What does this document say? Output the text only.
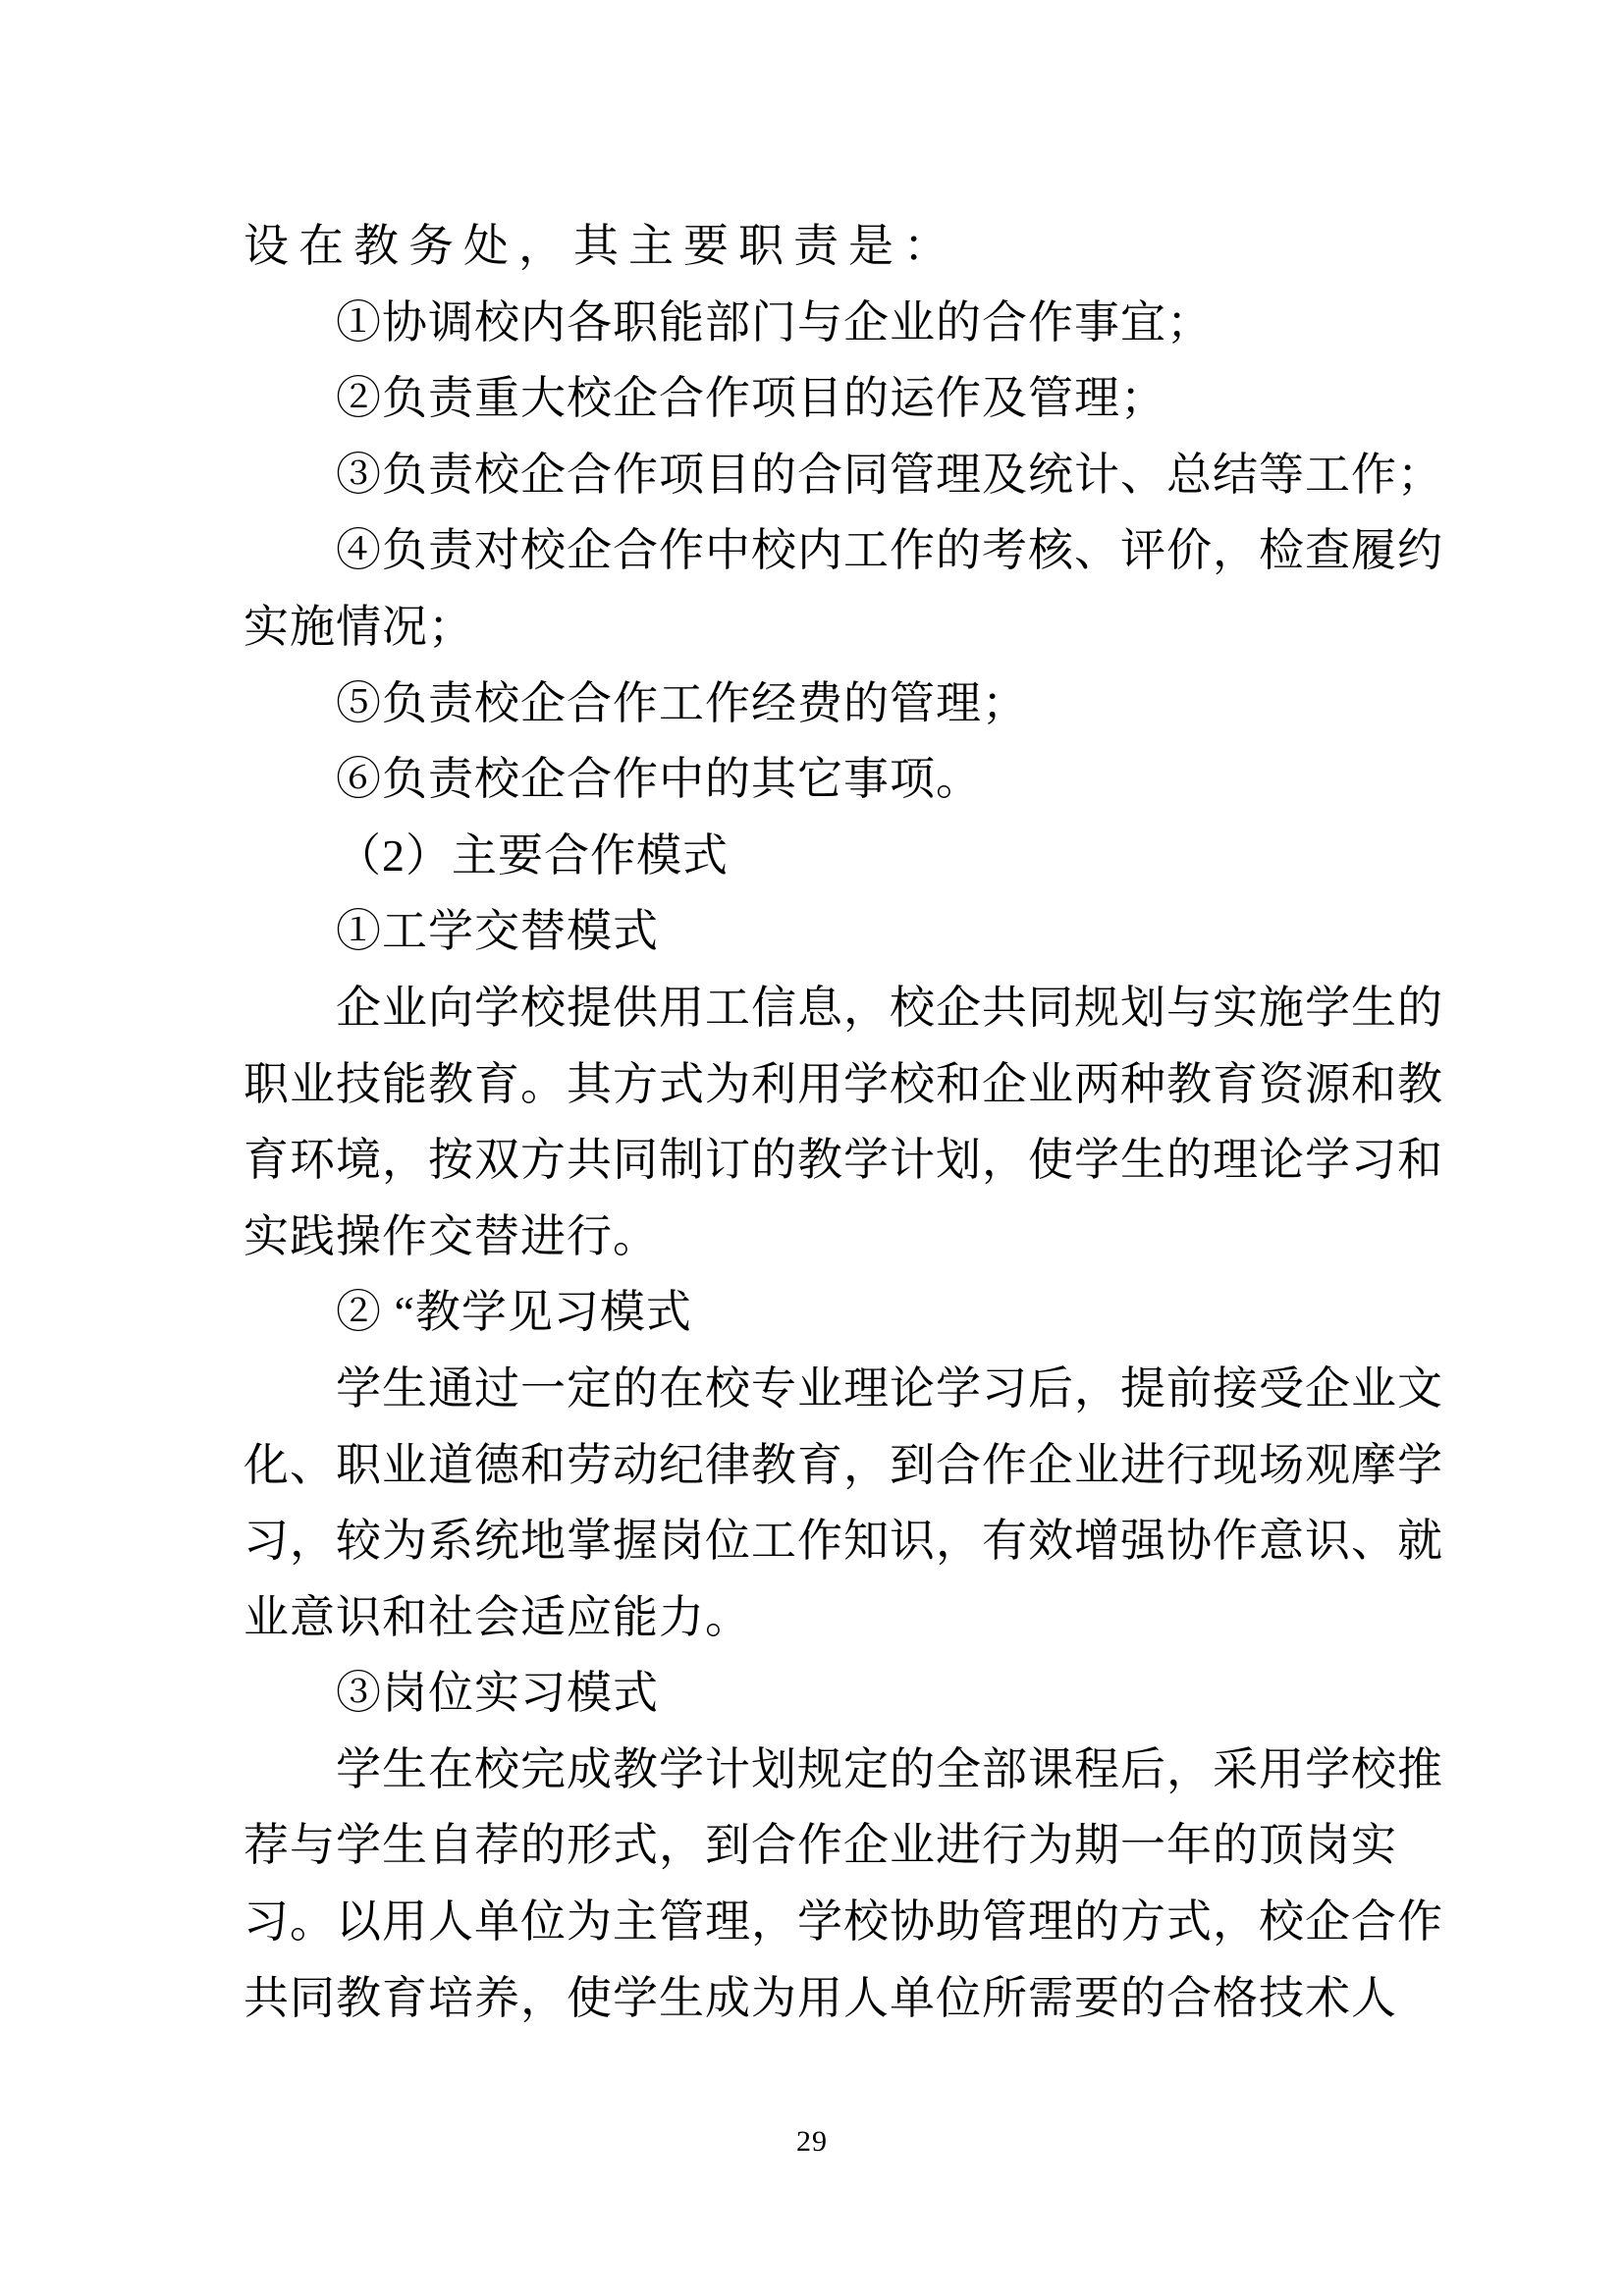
设在教务处，其主要职责是：
①协调校内各职能部门与企业的合作事宜；
②负责重大校企合作项目的运作及管理；
③负责校企合作项目的合同管理及统计、总结等工作；
④负责对校企合作中校内工作的考核、评价，检查履约
实施情况；
⑤负责校企合作工作经费的管理；
⑥负责校企合作中的其它事项。
（2）主要合作模式
①工学交替模式
企业向学校提供用工信息，校企共同规划与实施学生的
职业技能教育。其方式为利用学校和企业两种教育资源和教
育环境，按双方共同制订的教学计划，使学生的理论学习和
实践操作交替进行。
② “教学见习模式
学生通过一定的在校专业理论学习后，提前接受企业文
化、职业道德和劳动纪律教育，到合作企业进行现场观摩学
习，较为系统地掌握岗位工作知识，有效增强协作意识、就
业意识和社会适应能力。
③岗位实习模式
学生在校完成教学计划规定的全部课程后，采用学校推
荐与学生自荐的形式，到合作企业进行为期一年的顶岗实
习。以用人单位为主管理，学校协助管理的方式，校企合作
共同教育培养，使学生成为用人单位所需要的合格技术人
29
